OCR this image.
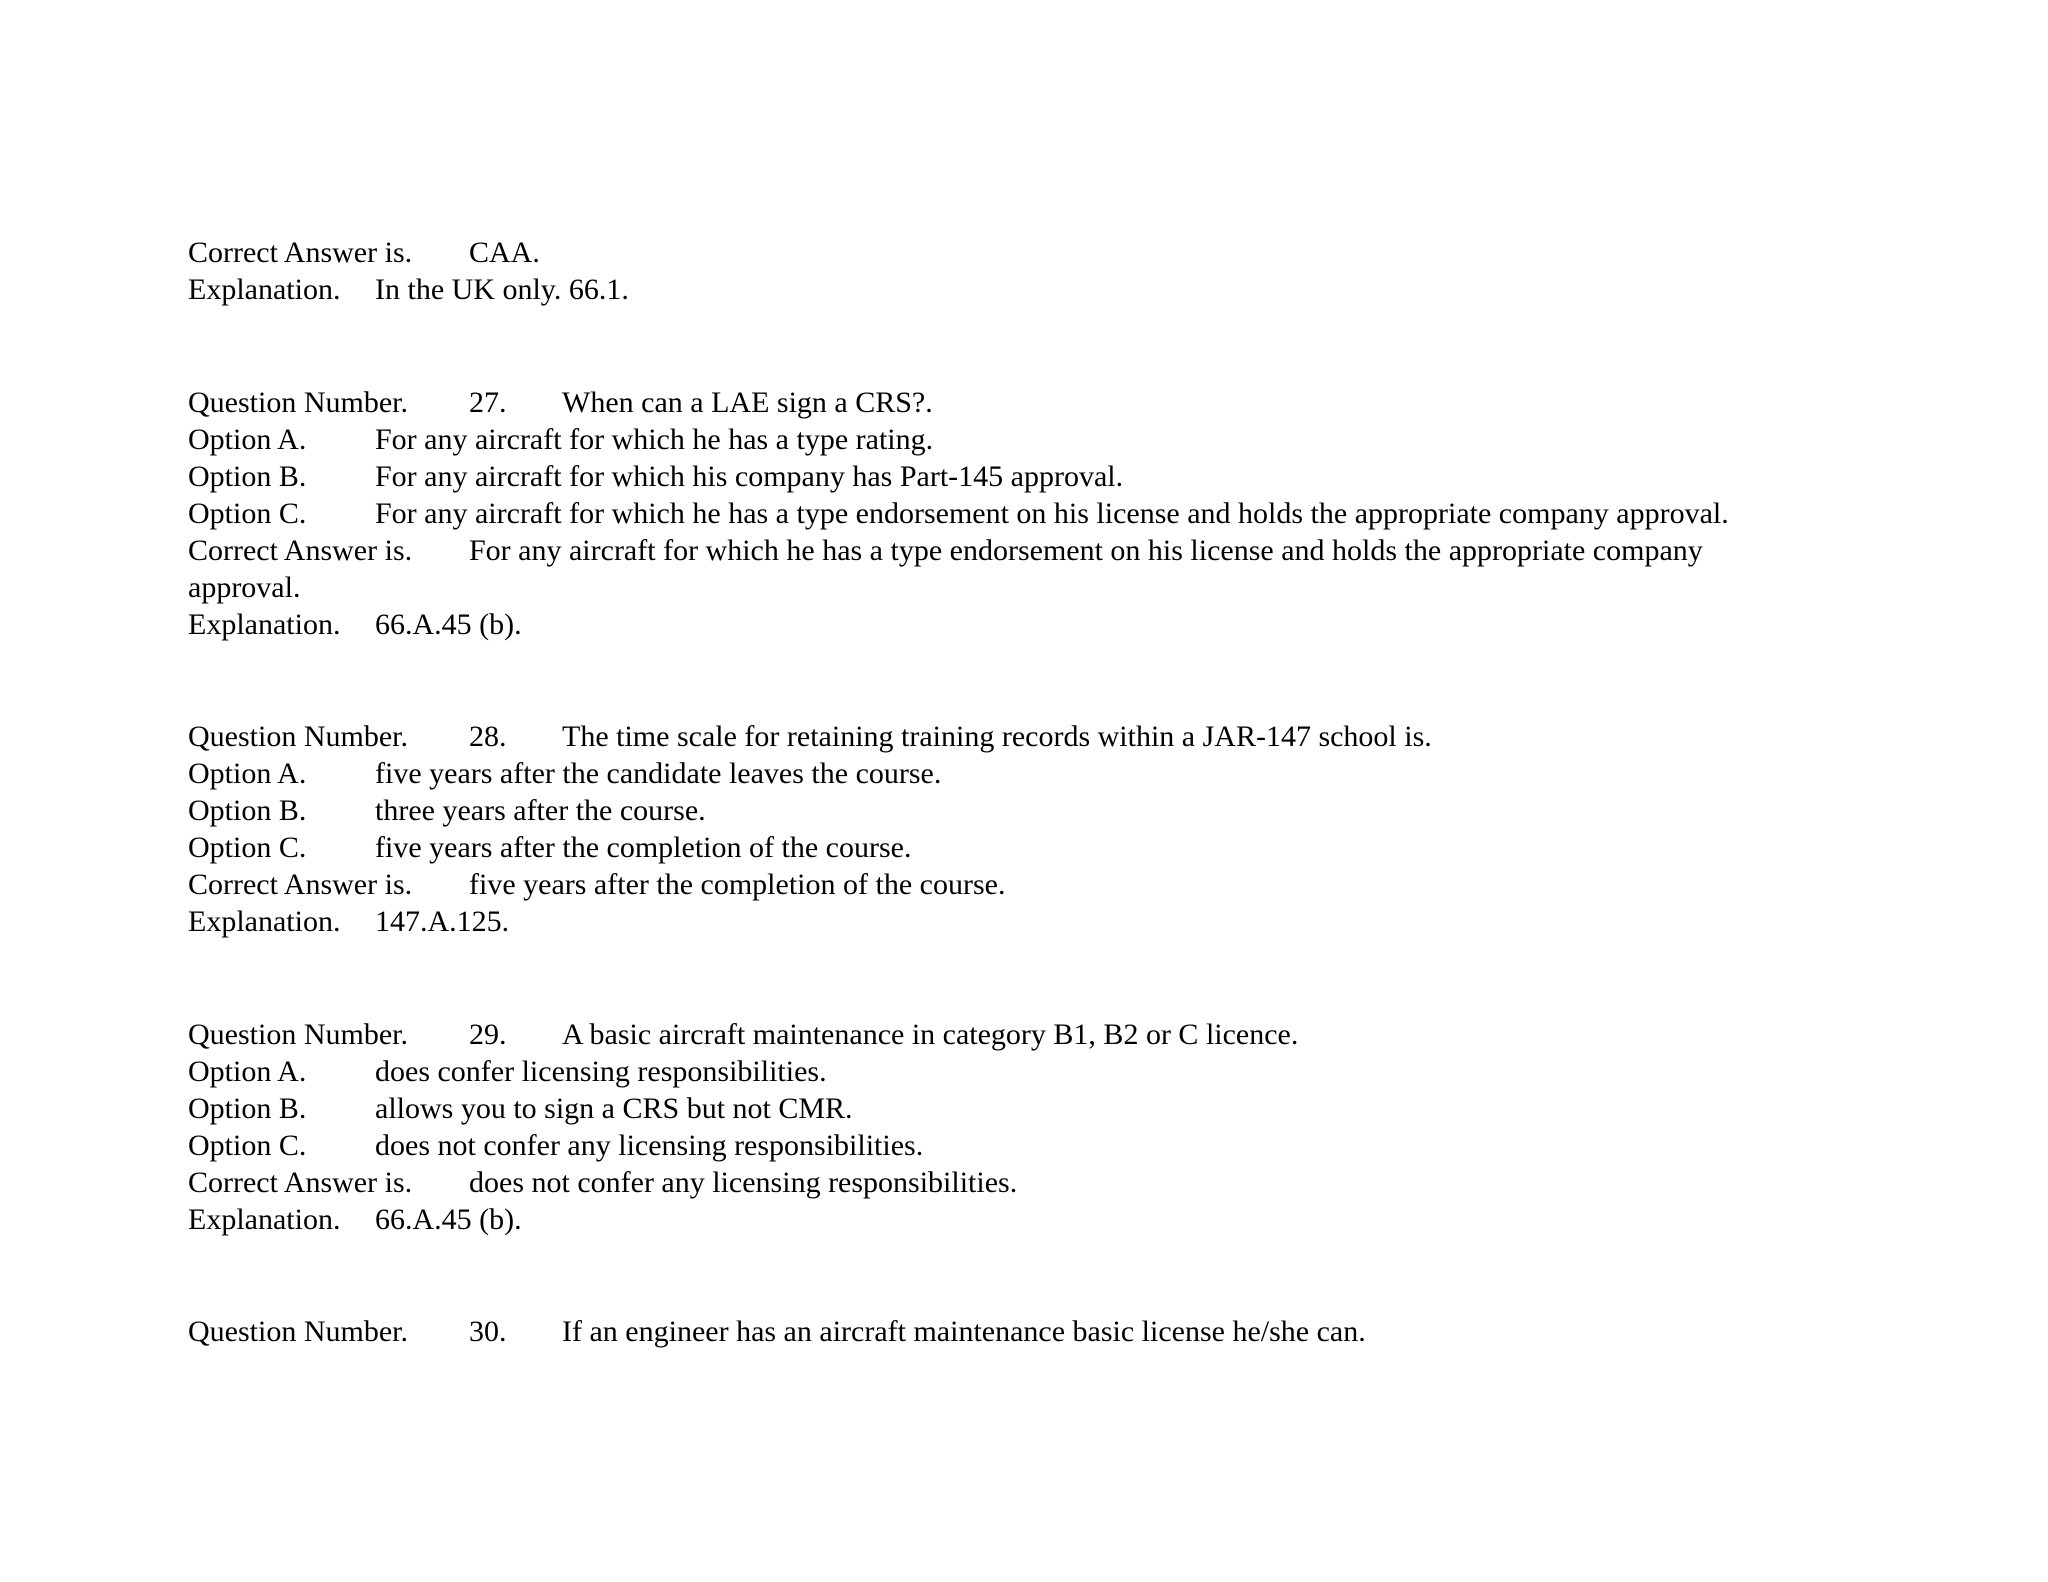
Correct Answer is. CAA.
Explanation. In the UK only. 66.1.
Question Number. 27. When can a LAE sign a CRS?.
Option A. For any aircraft for which he has a type rating.
Option B. For any aircraft for which his company has Part-145 approval.
Option C. For any aircraft for which he has a type endorsement on his license and holds the appropriate company approval.
Correct Answer is. For any aircraft for which he has a type endorsement on his license and holds the appropriate company
approval.
Explanation. 66.A.45 (b).
Question Number. 28. The time scale for retaining training records within a JAR-147 school is.
Option A. five years after the candidate leaves the course.
Option B. three years after the course.
Option C. five years after the completion of the course.
Correct Answer is. five years after the completion of the course.
Explanation. 147.A.125.
Question Number. 29. A basic aircraft maintenance in category B1, B2 or C licence.
Option A. does confer licensing responsibilities.
Option B. allows you to sign a CRS but not CMR.
Option C. does not confer any licensing responsibilities.
Correct Answer is. does not confer any licensing responsibilities.
Explanation. 66.A.45 (b).
Question Number. 30. If an engineer has an aircraft maintenance basic license he/she can.
